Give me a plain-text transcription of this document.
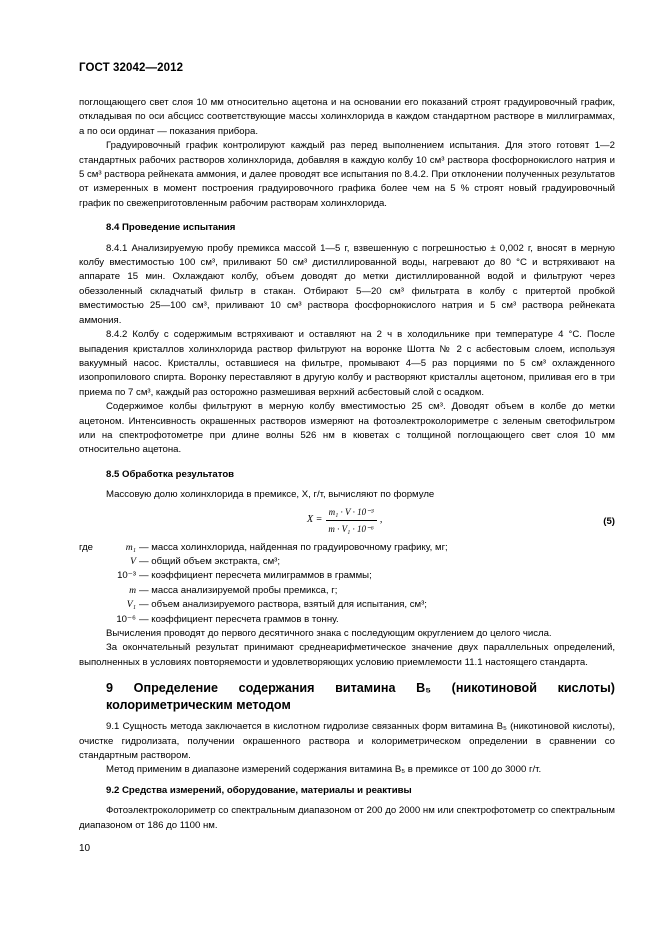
ГОСТ 32042—2012

поглощающего свет слоя 10 мм относительно ацетона и на основании его показаний строят градуировочный график, откладывая по оси абсцисс соответствующие массы холинхлорида в каждом стандартном растворе в миллиграммах, а по оси ординат — показания прибора.

Градуировочный график контролируют каждый раз перед выполнением испытания. Для этого готовят 1—2 стандартных рабочих растворов холинхлорида, добавляя в каждую колбу 10 см³ раствора фосфорнокислого натрия и 5 см³ раствора рейнеката аммония, и далее проводят все испытания по 8.4.2. При отклонении полученных результатов от измеренных в момент построения градуировочного графика более чем на 5 % строят новый градуировочный график по свежеприготовленным рабочим растворам холинхлорида.

8.4 Проведение испытания

8.4.1 Анализируемую пробу премикса массой 1—5 г, взвешенную с погрешностью ± 0,002 г, вносят в мерную колбу вместимостью 100 см³, приливают 50 см³ дистиллированной воды, нагревают до 80 °С и встряхивают на аппарате 15 мин. Охлаждают колбу, объем доводят до метки дистиллированной водой и фильтруют через обеззоленный складчатый фильтр в стакан. Отбирают 5—20 см³ фильтрата в колбу с притертой пробкой вместимостью 25—100 см³, приливают 10 см³ раствора фосфорнокислого натрия и 5 см³ раствора рейнеката аммония.

8.4.2 Колбу с содержимым встряхивают и оставляют на 2 ч в холодильнике при температуре 4 °С. После выпадения кристаллов холинхлорида раствор фильтруют на воронке Шотта № 2 с асбестовым слоем, используя вакуумный насос. Кристаллы, оставшиеся на фильтре, промывают 4—5 раз порциями по 5 см³ охлажденного изопропилового спирта. Воронку переставляют в другую колбу и растворяют кристаллы ацетоном, приливая его в три приема по 7 см³, каждый раз осторожно размешивая верхний асбестовый слой с осадком.

Содержимое колбы фильтруют в мерную колбу вместимостью 25 см³. Доводят объем в колбе до метки ацетоном. Интенсивность окрашенных растворов измеряют на фотоэлектроколориметре с зеленым светофильтром или на спектрофотометре при длине волны 526 нм в кюветах с толщиной поглощающего свет слоя 10 мм относительно ацетона.

8.5 Обработка результатов

Массовую долю холинхлорида в премиксе, X, г/т, вычисляют по формуле

$X = \frac{\text{m₁ · V · 10⁻³}}{\text{m · V₁ · 10⁻⁶}}$ ,	(5)
где	m₁ — масса холинхлорида, найденная по градуировочному графику, мг;
V — общий объем экстракта, см³;
10⁻³ — коэффициент пересчета милиграммов в граммы;
m — масса анализируемой пробы премикса, г;
V₁ — объем анализируемого раствора, взятый для испытания, см³;
10⁻⁶ — коэффициент пересчета граммов в тонну.

Вычисления проводят до первого десятичного знака с последующим округлением до целого числа.

За окончательный результат принимают среднеарифметическое значение двух параллельных определений, выполненных в условиях повторяемости и удовлетворяющих условию приемлемости 11.1 настоящего стандарта.

9 Определение содержания витамина B₅ (никотиновой кислоты) колориметрическим методом

9.1 Сущность метода заключается в кислотном гидролизе связанных форм витамина B₅ (никотиновой кислоты), очистке гидролизата, получении окрашенного раствора и колориметрическом определении в сравнении со стандартным раствором.

Метод применим в диапазоне измерений содержания витамина B₅ в премиксе от 100 до 3000 г/т.

9.2 Средства измерений, оборудование, материалы и реактивы

Фотоэлектроколориметр со спектральным диапазоном от 200 до 2000 нм или спектрофотометр со спектральным диапазоном от 186 до 1100 нм.

10
